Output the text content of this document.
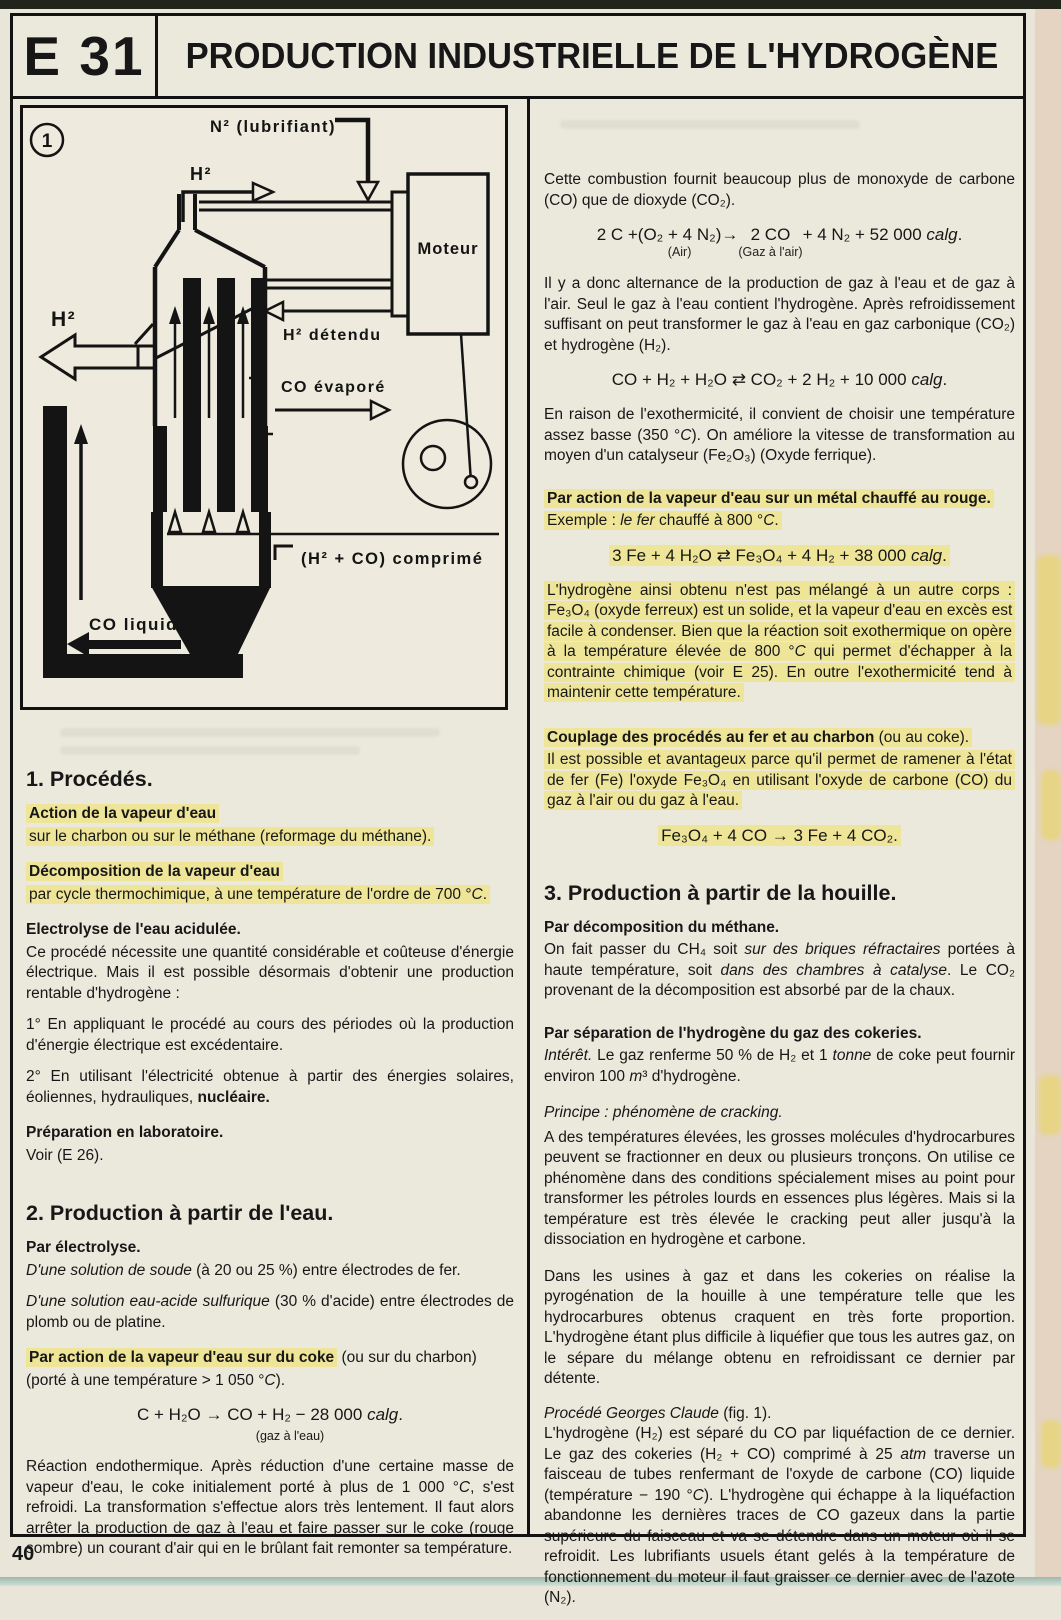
E 31 PRODUCTION INDUSTRIELLE DE L'HYDROGÈNE
1
Moteur
N² (lubrifiant)
H²
H²
H² détendu
CO évaporé
(H² + CO) comprimé
CO liquide
1. Procédés.
Action de la vapeur d'eau

sur le charbon ou sur le méthane (reformage du méthane).

Décomposition de la vapeur d'eau

par cycle thermochimique, à une température de l'ordre de 700 °C.

Electrolyse de l'eau acidulée.

Ce procédé nécessite une quantité considérable et coûteuse d'énergie électrique. Mais il est possible désormais d'obtenir une production rentable d'hydrogène :

1° En appliquant le procédé au cours des périodes où la production d'énergie électrique est excédentaire.

2° En utilisant l'électricité obtenue à partir des énergies solaires, éoliennes, hydrauliques, nucléaire.

Préparation en laboratoire.

Voir (E 26).

2. Production à partir de l'eau.
Par électrolyse.

D'une solution de soude (à 20 ou 25 %) entre électrodes de fer.

D'une solution eau-acide sulfurique (30 % d'acide) entre électrodes de plomb ou de platine.

Par action de la vapeur d'eau sur du coke (ou sur du charbon)

(porté à une température > 1 050 °C).

C + H₂O → CO + H₂ − 28 000 calg.
(gaz à l'eau)

Réaction endothermique. Après réduction d'une certaine masse de vapeur d'eau, le coke initialement porté à plus de 1 000 °C, s'est refroidi. La transformation s'effectue alors très lentement. Il faut alors arrêter la production de gaz à l'eau et faire passer sur le coke (rouge sombre) un courant d'air qui en le brûlant fait remonter sa température.

Cette combustion fournit beaucoup plus de monoxyde de carbone (CO) que de dioxyde (CO₂).

2 C + (O₂ + 4 N₂)
(Air)
→ 2 CO
(Gaz à l'air)
+ 4 N₂ + 52 000 calg.

Il y a donc alternance de la production de gaz à l'eau et de gaz à l'air. Seul le gaz à l'eau contient l'hydrogène. Après refroidissement suffisant on peut transformer le gaz à l'eau en gaz carbonique (CO₂) et hydrogène (H₂).

CO + H₂ + H₂O ⇄ CO₂ + 2 H₂ + 10 000 calg.

En raison de l'exothermicité, il convient de choisir une température assez basse (350 °C). On améliore la vitesse de transformation au moyen d'un catalyseur (Fe₂O₃) (Oxyde ferrique).

Par action de la vapeur d'eau sur un métal chauffé au rouge.

Exemple : le fer chauffé à 800 °C.

3 Fe + 4 H₂O ⇄ Fe₃O₄ + 4 H₂ + 38 000 calg.

L'hydrogène ainsi obtenu n'est pas mélangé à un autre corps : Fe₃O₄ (oxyde ferreux) est un solide, et la vapeur d'eau en excès est facile à condenser. Bien que la réaction soit exothermique on opère à la température élevée de 800 °C qui permet d'échapper à la contrainte chimique (voir E 25). En outre l'exothermicité tend à maintenir cette température.

Couplage des procédés au fer et au charbon (ou au coke).

Il est possible et avantageux parce qu'il permet de ramener à l'état de fer (Fe) l'oxyde Fe₃O₄ en utilisant l'oxyde de carbone (CO) du gaz à l'air ou du gaz à l'eau.

Fe₃O₄ + 4 CO → 3 Fe + 4 CO₂.
3. Production à partir de la houille.
Par décomposition du méthane.

On fait passer du CH₄ soit sur des briques réfractaires portées à haute température, soit dans des chambres à catalyse. Le CO₂ provenant de la décomposition est absorbé par de la chaux.

Par séparation de l'hydrogène du gaz des cokeries.

Intérêt. Le gaz renferme 50 % de H₂ et 1 tonne de coke peut fournir environ 100 m³ d'hydrogène.

Principe : phénomène de cracking.

A des températures élevées, les grosses molécules d'hydrocarbures peuvent se fractionner en deux ou plusieurs tronçons. On utilise ce phénomène dans des conditions spécialement mises au point pour transformer les pétroles lourds en essences plus légères. Mais si la température est très élevée le cracking peut aller jusqu'à la dissociation en hydrogène et carbone.

Dans les usines à gaz et dans les cokeries on réalise la pyrogénation de la houille à une température telle que les hydrocarbures obtenus craquent en très forte proportion. L'hydrogène étant plus difficile à liquéfier que tous les autres gaz, on le sépare du mélange obtenu en refroidissant ce dernier par détente.

Procédé Georges Claude (fig. 1).

L'hydrogène (H₂) est séparé du CO par liquéfaction de ce dernier. Le gaz des cokeries (H₂ + CO) comprimé à 25 atm traverse un faisceau de tubes renfermant de l'oxyde de carbone (CO) liquide (température − 190 °C). L'hydrogène qui échappe à la liquéfaction abandonne les dernières traces de CO gazeux dans la partie supérieure du faisceau et va se détendre dans un moteur où il se refroidit. Les lubrifiants usuels étant gelés à la température de fonctionnement du moteur il faut graisser ce dernier avec de l'azote (N₂).

40
